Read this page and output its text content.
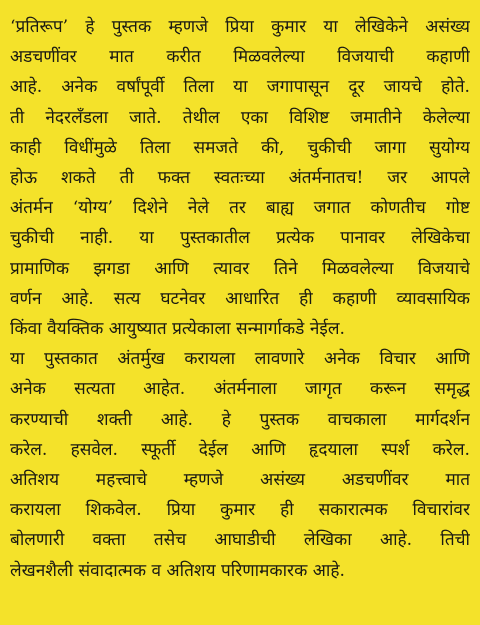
‘प्रतिरूप’ हे पुस्तक म्हणजे प्रिया कुमार या लेखिकेने असंख्य
अडचणींवर मात करीत मिळवलेल्या विजयाची कहाणी
आहे. अनेक वर्षांपूर्वी तिला या जगापासून दूर जायचे होते.
ती नेदरलँडला जाते. तेथील एका विशिष्ट जमातीने केलेल्या
काही विधींमुळे तिला समजते की, चुकीची जागा सुयोग्य
होऊ शकते ती फक्त स्वतःच्या अंतर्मनातच! जर आपले
अंतर्मन ‘योग्य’ दिशेने नेले तर बाह्य जगात कोणतीच गोष्ट
चुकीची नाही. या पुस्तकातील प्रत्येक पानावर लेखिकेचा
प्रामाणिक झगडा आणि त्यावर तिने मिळवलेल्या विजयाचे
वर्णन आहे. सत्य घटनेवर आधारित ही कहाणी व्यावसायिक
किंवा वैयक्तिक आयुष्यात प्रत्येकाला सन्मार्गाकडे नेईल.
या पुस्तकात अंतर्मुख करायला लावणारे अनेक विचार आणि
अनेक सत्यता आहेत. अंतर्मनाला जागृत करून समृद्ध
करण्याची शक्ती आहे. हे पुस्तक वाचकाला मार्गदर्शन
करेल. हसवेल. स्फूर्ती देईल आणि हृदयाला स्पर्श करेल.
अतिशय महत्त्वाचे म्हणजे असंख्य अडचणींवर मात
करायला शिकवेल. प्रिया कुमार ही सकारात्मक विचारांवर
बोलणारी वक्ता तसेच आघाडीची लेखिका आहे. तिची
लेखनशैली संवादात्मक व अतिशय परिणामकारक आहे.
